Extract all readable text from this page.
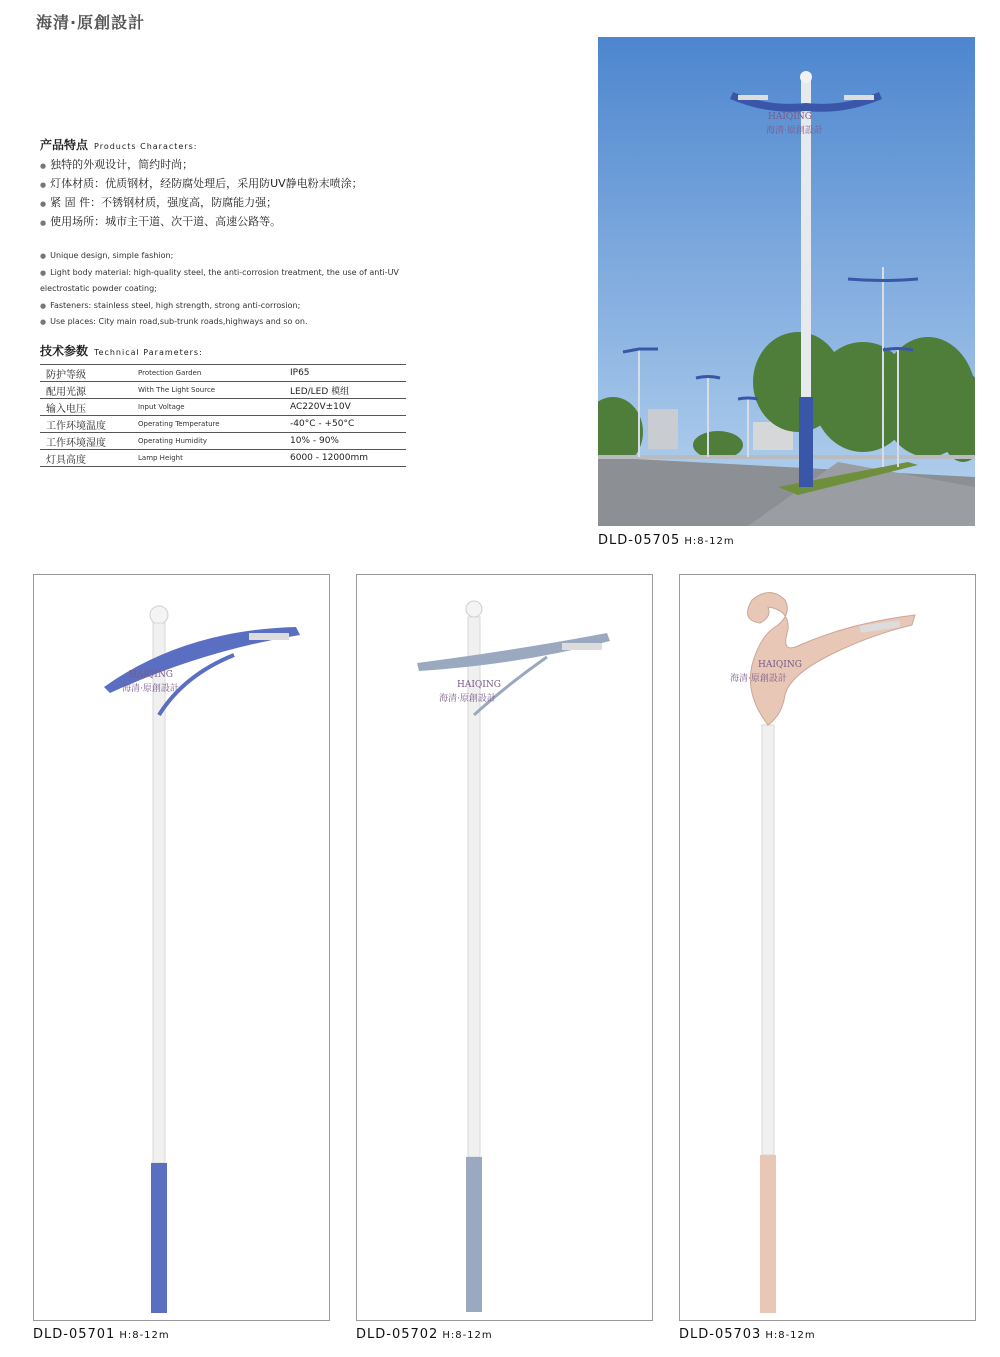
海清·原創設計
产品特点 Products Characters:
● 独特的外观设计，简约时尚；
● 灯体材质：优质钢材，经防腐处理后，采用防UV静电粉末喷涂；
● 紧 固 件：不锈钢材质，强度高，防腐能力强；
● 使用场所：城市主干道、次干道、高速公路等。
● Unique design, simple fashion;
● Light body material: high-quality steel, the anti-corrosion treatment, the use of anti-UV electrostatic powder coating;
● Fasteners: stainless steel, high strength, strong anti-corrosion;
● Use places: City main road,sub-trunk roads,highways and so on.
技术参数 Technical Parameters:
防护等级	Protection Garden	IP65
配用光源	With The Light Source	LED/LED 模组
输入电压	Input Voltage	AC220V±10V
工作环境温度	Operating Temperature	-40°C - +50°C
工作环境湿度	Operating Humidity	10% - 90%
灯具高度	Lamp Height	6000 - 12000mm
HAIQING
海清·原創設計
DLD-05705 H:8-12m
HAIQING
海清·原創設計
DLD-05701 H:8-12m
HAIQING
海清·原創設計
DLD-05702 H:8-12m
HAIQING
海清·原創設計
DLD-05703 H:8-12m
